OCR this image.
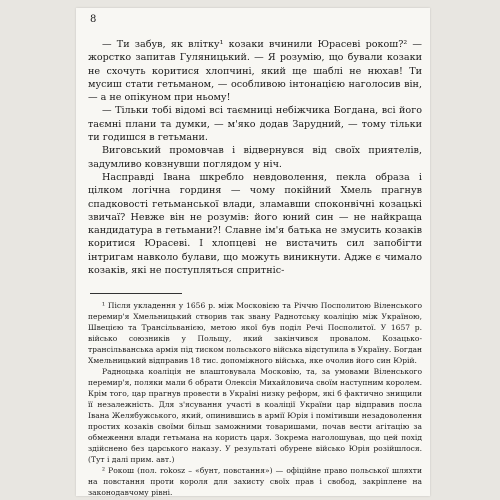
8

— Ти забув, як влітку¹ козаки вчинили Юрасеві рокош?² — жорстко запитав Гуляницький. — Я розумію, що бували козаки не схочуть коритися хлопчині, який ще шаблі не нюхав! Ти мусиш стати гетьманом, — особливою інтонацією наголосив він, — а не опікуном при ньому!

— Тільки тобі відомі всі таємниці небіжчика Богдана, всі його таємні плани та думки, — м'яко додав Зарудний, — тому тільки ти годишся в гетьмани.

Виговський промовчав і відвернувся від своїх приятелів, задумливо ковзнувши поглядом у ніч.

Насправді Івана шкребло невдоволення, пекла образа і цілком логічна гординя — чому покійний Хмель прагнув спадковості гетьманської влади, зламавши споконвічні козацькі звичаї? Невже він не розумів: його юний син — не найкраща кандидатура в гетьмани?! Славне ім'я батька не змусить козаків коритися Юрасеві. І хлопцеві не вистачить сил запобігти інтригам навколо булави, що можуть виникнути. Адже є чимало козаків, які не поступляться спритніс-

¹ Після укладення у 1656 р. між Московією та Річчю Посполитою Віленського перемир'я Хмельницький створив так звану Раднотську коаліцію між Україною, Швецією та Трансільванією, метою якої був поділ Речі Посполитої. У 1657 р. військо союзників у Польщу, який закінчився провалом. Козацько-трансільванська армія під тиском польського війська відступила в Україну. Богдан Хмельницький відправив 18 тис. допоміжного війська, яке очолив його син Юрій.

Радноцька коаліція не влаштовувала Московію, та, за умовами Віленського перемир'я, поляки мали б обрати Олексія Михайловича своїм наступним королем. Крім того, цар прагнув провести в Україні низку реформ, які б фактично знищили її незалежність. Для з'ясування участі в коаліції України цар відправив посла Івана Желябужського, який, опинившись в армії Юрія і помітивши незадоволення простих козаків своїми бiльш заможними товаришами, почав вести агітацію за обмеження влади гетьмана на користь царя. Зокрема наголошував, що цей похід здійснено без царського наказу. У результаті обурене військо Юрія розійшлося. (Тут і далі прим. авт.)

² Рокош (пол. rokosz – «бунт, повстання») — офіційне право польської шляхти на повстання проти короля для захисту своїх прав і свобод, закріплене на законодавчому рівні.
